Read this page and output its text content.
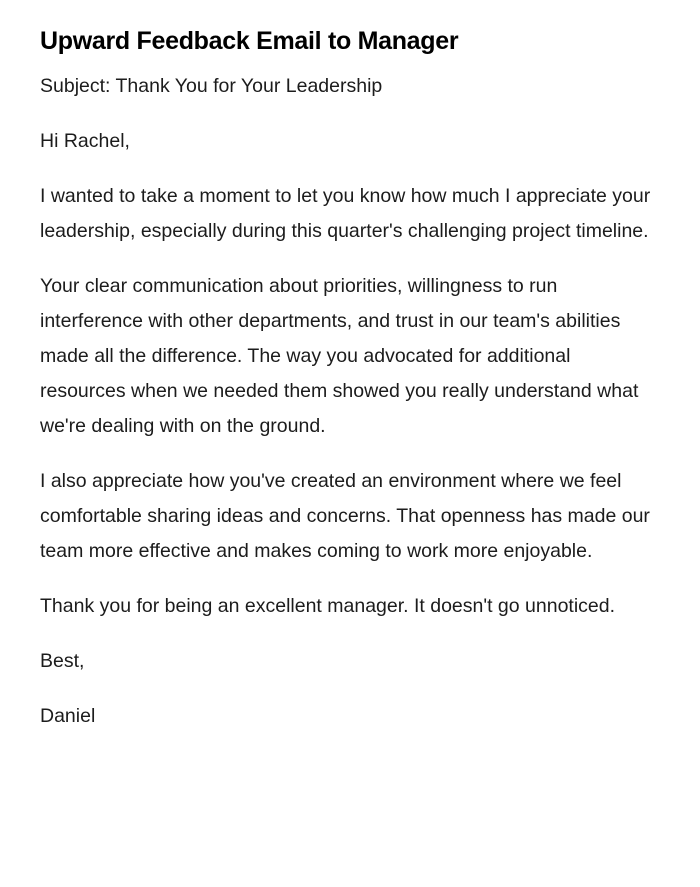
Upward Feedback Email to Manager

Subject: Thank You for Your Leadership

Hi Rachel,

I wanted to take a moment to let you know how much I appreciate your leadership, especially during this quarter's challenging project timeline.

Your clear communication about priorities, willingness to run interference with other departments, and trust in our team's abilities made all the difference. The way you advocated for additional resources when we needed them showed you really understand what we're dealing with on the ground.

I also appreciate how you've created an environment where we feel comfortable sharing ideas and concerns. That openness has made our team more effective and makes coming to work more enjoyable.

Thank you for being an excellent manager. It doesn't go unnoticed.

Best,

Daniel
